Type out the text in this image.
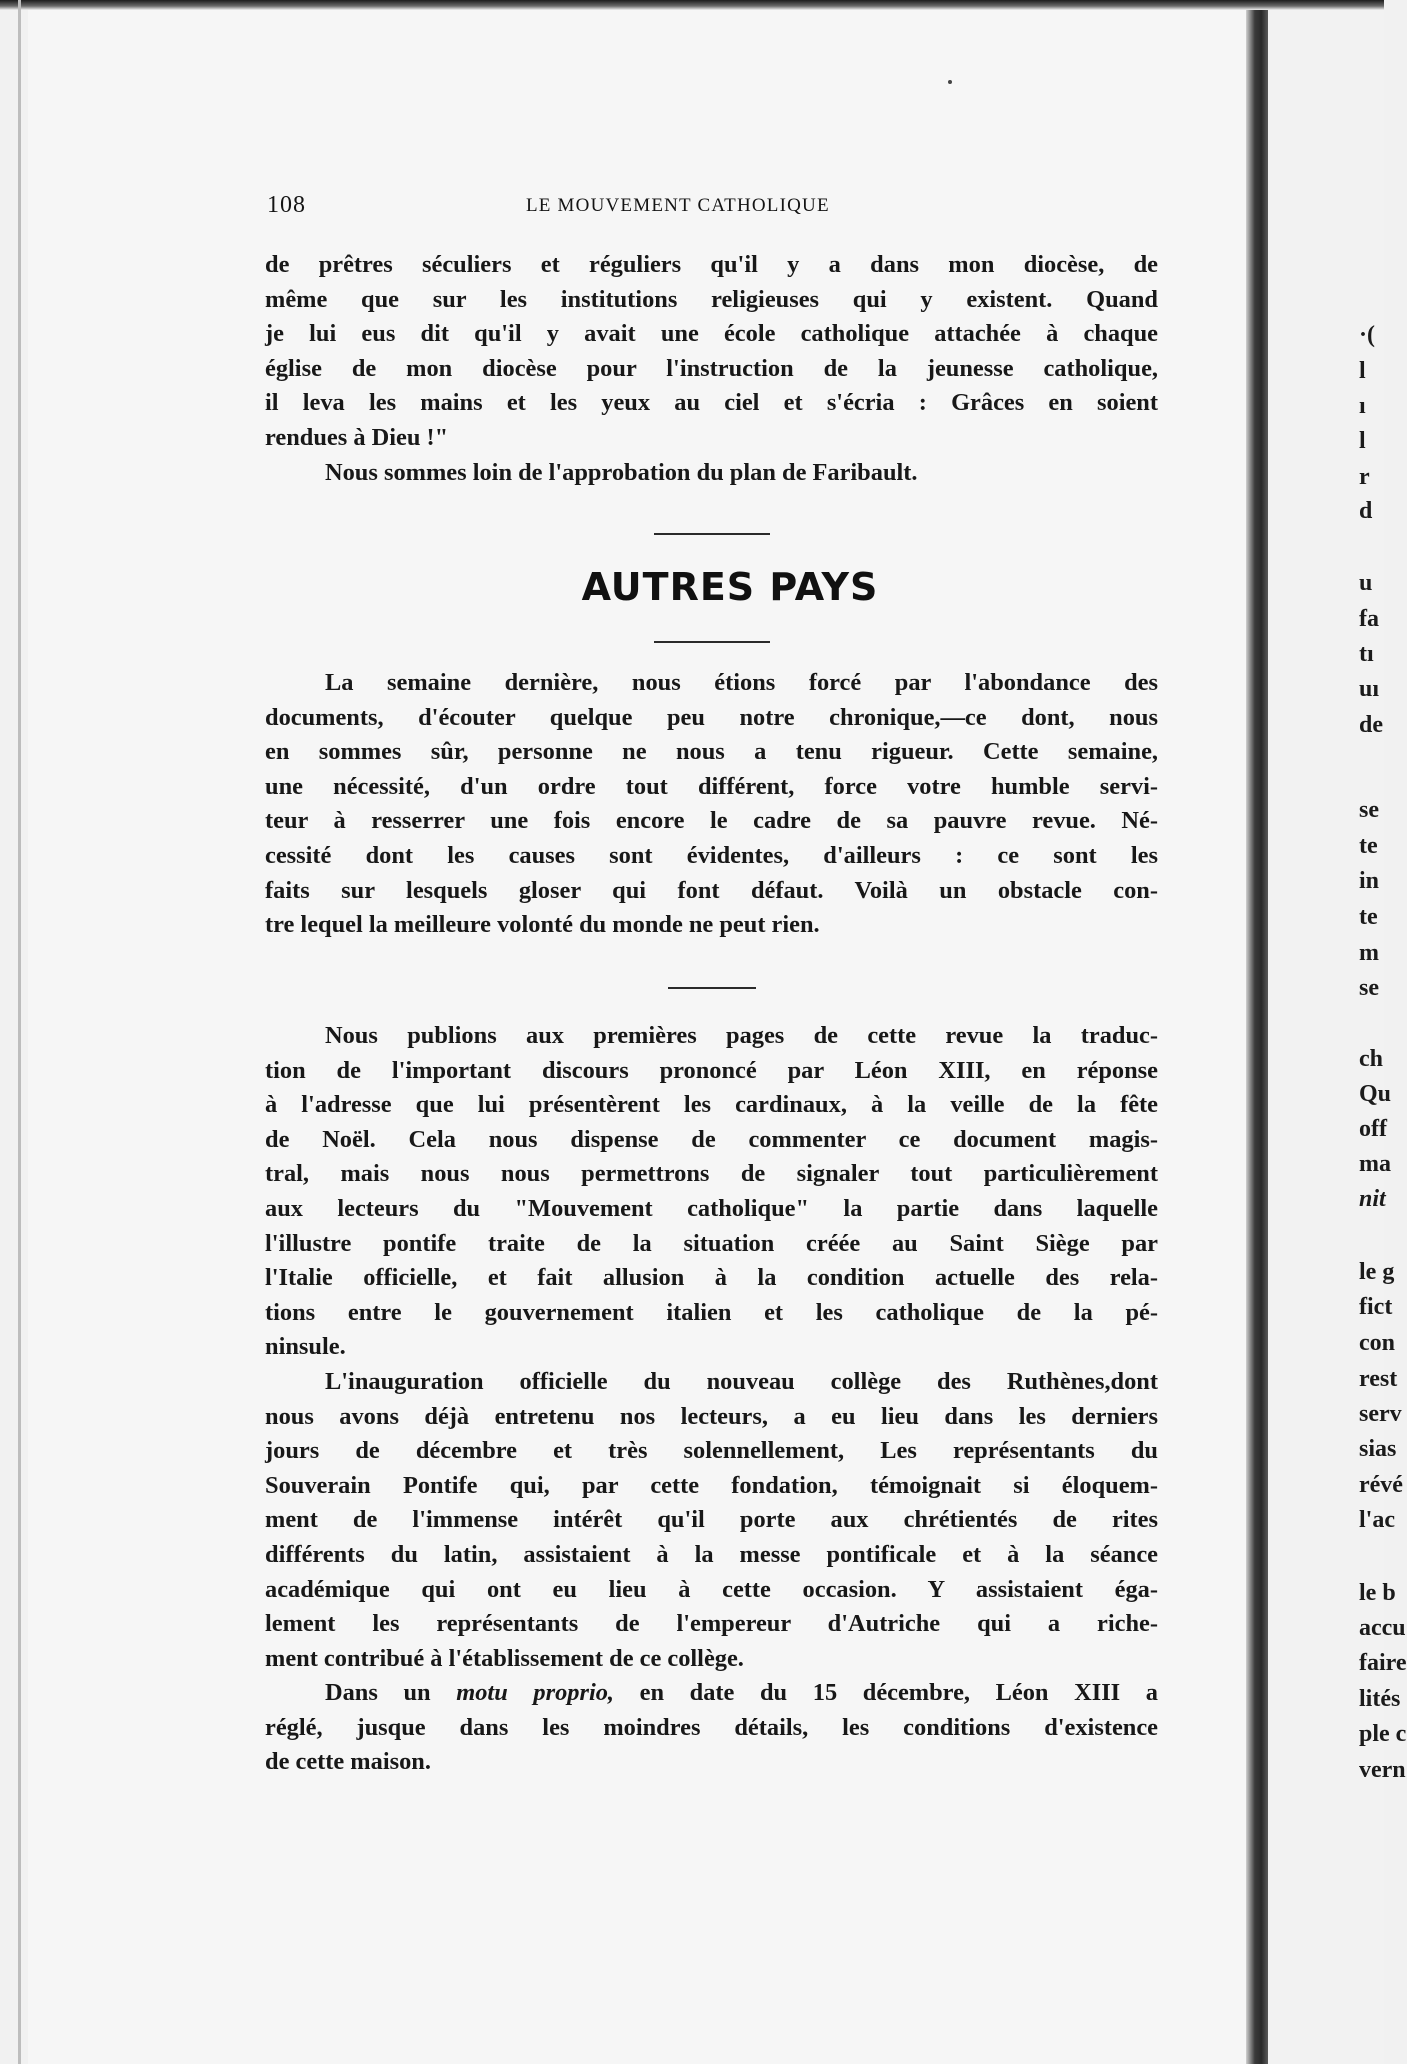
·(
l
ı
l
r
d
u
fa
tı
uı
de
se
te
in
te
m
se
ch
Qu
off
ma
nit
le g
fict
con
rest
serv
sias
révé
l'ac
le b
accu
faire
lités
ple c
vern
108	LE MOUVEMENT CATHOLIQUE
de prêtres séculiers et réguliers qu'il y a dans mon diocèse, de
même que sur les institutions religieuses qui y existent. Quand
je lui eus dit qu'il y avait une école catholique attachée à chaque
église de mon diocèse pour l'instruction de la jeunesse catholique,
il leva les mains et les yeux au ciel et s'écria : Grâces en soient
rendues à Dieu !"
Nous sommes loin de l'approbation du plan de Faribault.
AUTRES PAYS
La semaine dernière, nous étions forcé par l'abondance des
documents, d'écouter quelque peu notre chronique,—ce dont, nous
en sommes sûr, personne ne nous a tenu rigueur. Cette semaine,
une nécessité, d'un ordre tout différent, force votre humble servi-
teur à resserrer une fois encore le cadre de sa pauvre revue. Né-
cessité dont les causes sont évidentes, d'ailleurs : ce sont les
faits sur lesquels gloser qui font défaut. Voilà un obstacle con-
tre lequel la meilleure volonté du monde ne peut rien.
Nous publions aux premières pages de cette revue la traduc-
tion de l'important discours prononcé par Léon XIII, en réponse
à l'adresse que lui présentèrent les cardinaux, à la veille de la fête
de Noël. Cela nous dispense de commenter ce document magis-
tral, mais nous nous permettrons de signaler tout particulièrement
aux lecteurs du "Mouvement catholique" la partie dans laquelle
l'illustre pontife traite de la situation créée au Saint Siège par
l'Italie officielle, et fait allusion à la condition actuelle des rela-
tions entre le gouvernement italien et les catholique de la pé-
ninsule.
L'inauguration officielle du nouveau collège des Ruthènes,dont
nous avons déjà entretenu nos lecteurs, a eu lieu dans les derniers
jours de décembre et très solennellement, Les représentants du
Souverain Pontife qui, par cette fondation, témoignait si éloquem-
ment de l'immense intérêt qu'il porte aux chrétientés de rites
différents du latin, assistaient à la messe pontificale et à la séance
académique qui ont eu lieu à cette occasion. Y assistaient éga-
lement les représentants de l'empereur d'Autriche qui a riche-
ment contribué à l'établissement de ce collège.
Dans un motu proprio, en date du 15 décembre, Léon XIII a
réglé, jusque dans les moindres détails, les conditions d'existence
de cette maison.
